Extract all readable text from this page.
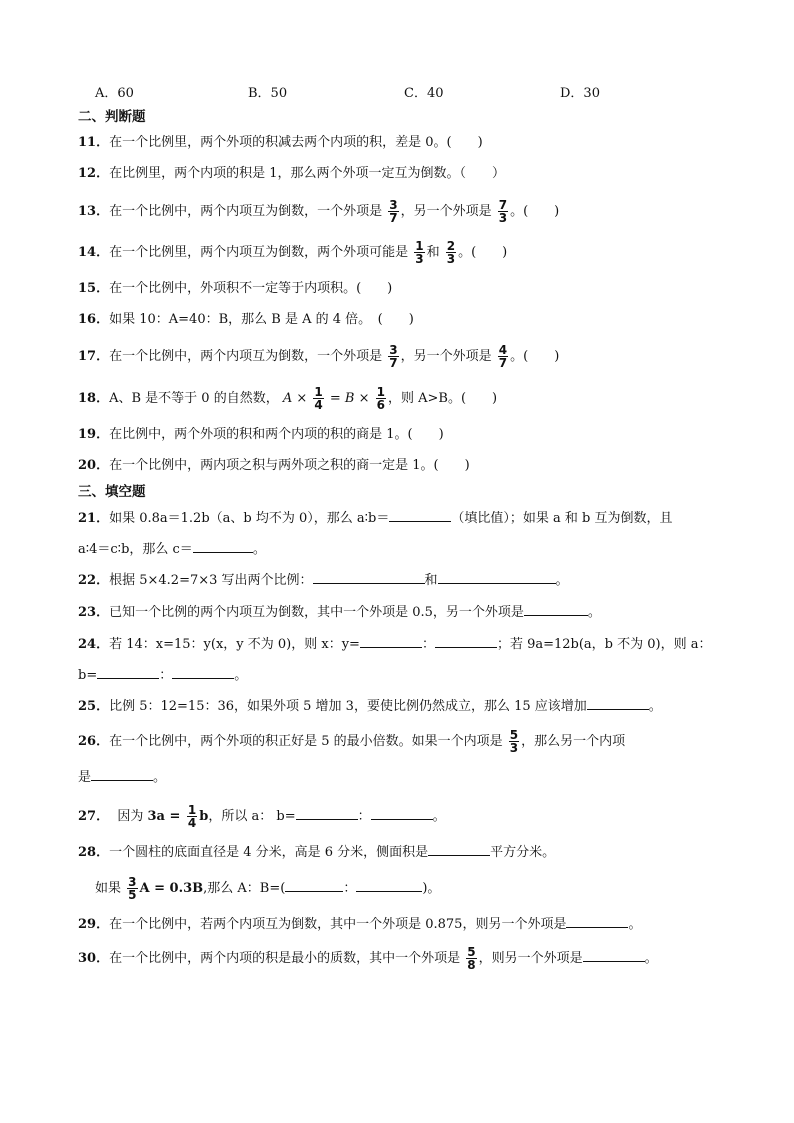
A．60	B．50	C．40	D．30
二、判断题
11．在一个比例里，两个外项的积减去两个内项的积，差是 0。(　　)
12．在比例里，两个内项的积是 1，那么两个外项一定互为倒数。（　　）
13．在一个比例中，两个内项互为倒数，一个外项是 $\frac{3}{7}$ ，另一个外项是 $\frac{7}{3}$ 。(　　)
14．在一个比例里，两个内项互为倒数，两个外项可能是 $\frac{1}{3}$ 和 $\frac{2}{3}$ 。(　　)
15．在一个比例中，外项积不一定等于内项积。(　　)
16．如果 10：A=40：B，那么 B 是 A 的 4 倍。　(　　)
17．在一个比例中，两个内项互为倒数，一个外项是 $\frac{3}{7}$ ，另一个外项是 $\frac{4}{7}$ 。(　　)
18．A、B 是不等于 0 的自然数， $A \times \frac{1}{4} = B \times \frac{1}{6}$ ，则 A>B。(　　)
19．在比例中，两个外项的积和两个内项的积的商是 1。(　　)
20．在一个比例中，两内项之积与两外项之积的商一定是 1。(　　)
三、填空题
21．如果 0.8a＝1.2b（a、b 均不为 0），那么 a∶b＝	（填比值）；如果 a 和 b 互为倒数，且
a∶4＝c∶b，那么 c＝	。
22．根据 5×4.2=7×3 写出两个比例：	和	。
23．已知一个比例的两个内项互为倒数，其中一个外项是 0.5，另一个外项是	。
24．若 14：x=15：y(x，y 不为 0)，则 x：y=	：	；若 9a=12b(a，b 不为 0)，则 a：
b=	：	。
25．比例 5：12=15：36，如果外项 5 增加 3，要使比例仍然成立，那么 15 应该增加	。
26．在一个比例中，两个外项的积正好是 5 的最小倍数。如果一个内项是 $\frac{5}{3}$ ，那么另一个内项
是	。
27． 因为 $3a = \frac{1}{4}$ b，所以 a： b=	：	。
28．一个圆柱的底面直径是 4 分米，高是 6 分米，侧面积是	平方分米。
如果 $\frac{3}{5}$ A = 0.3B,那么 A：B=(	：	)。
29．在一个比例中，若两个内项互为倒数，其中一个外项是 0.875，则另一个外项是	。
30．在一个比例中，两个内项的积是最小的质数，其中一个外项是 $\frac{5}{8}$ ，则另一个外项是	。
